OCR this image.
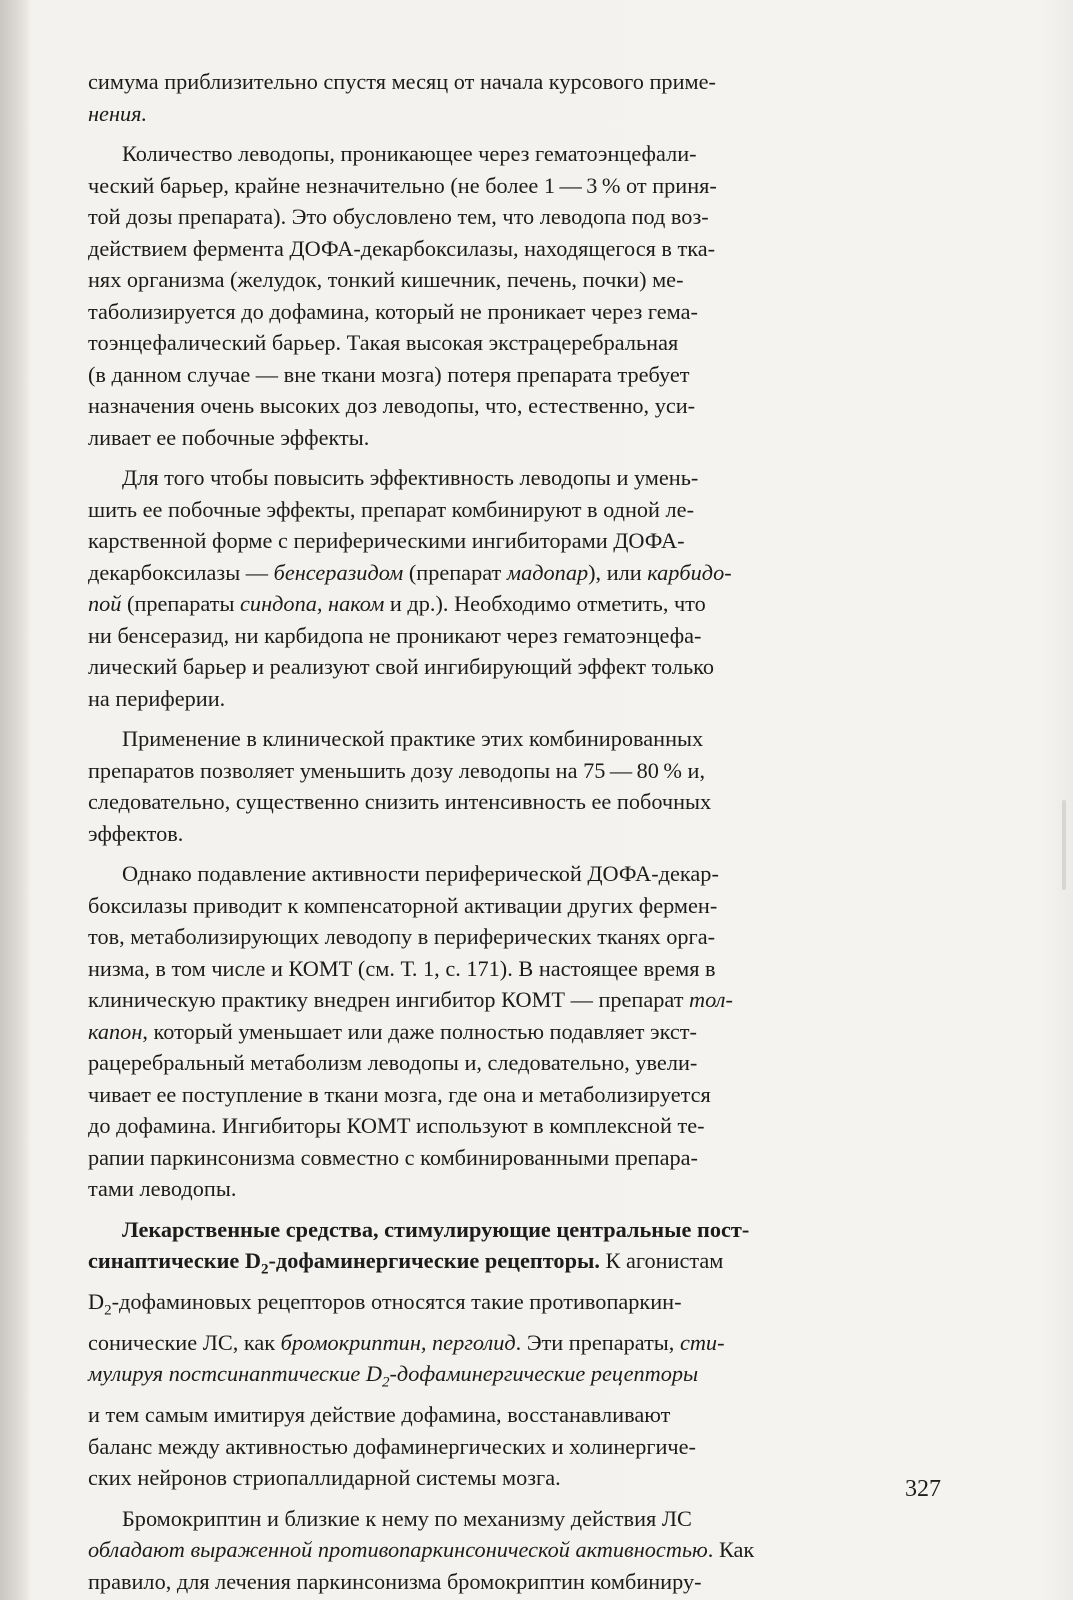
симума приблизительно спустя месяц от начала курсового приме-
нения.

Количество леводопы, проникающее через гематоэнцефали-
ческий барьер, крайне незначительно (не более 1 — 3 % от приня-
той дозы препарата). Это обусловлено тем, что леводопа под воз-
действием фермента ДОФА-декарбоксилазы, находящегося в тка-
нях организма (желудок, тонкий кишечник, печень, почки) ме-
таболизируется до дофамина, который не проникает через гема-
тоэнцефалический барьер. Такая высокая экстрацеребральная
(в данном случае — вне ткани мозга) потеря препарата требует
назначения очень высоких доз леводопы, что, естественно, уси-
ливает ее побочные эффекты.

Для того чтобы повысить эффективность леводопы и умень-
шить ее побочные эффекты, препарат комбинируют в одной ле-
карственной форме с периферическими ингибиторами ДОФА-
декарбоксилазы — бенсеразидом (препарат мадопар), или карбидо-
пой (препараты синдопа, наком и др.). Необходимо отметить, что
ни бенсеразид, ни карбидопа не проникают через гематоэнцефа-
лический барьер и реализуют свой ингибирующий эффект только
на периферии.

Применение в клинической практике этих комбинированных
препаратов позволяет уменьшить дозу леводопы на 75 — 80 % и,
следовательно, существенно снизить интенсивность ее побочных
эффектов.

Однако подавление активности периферической ДОФА-декар-
боксилазы приводит к компенсаторной активации других фермен-
тов, метаболизирующих леводопу в периферических тканях орга-
низма, в том числе и КОМТ (см. Т. 1, с. 171). В настоящее время в
клиническую практику внедрен ингибитор КОМТ — препарат тол-
капон, который уменьшает или даже полностью подавляет экст-
рацеребральный метаболизм леводопы и, следовательно, увели-
чивает ее поступление в ткани мозга, где она и метаболизируется
до дофамина. Ингибиторы КОМТ используют в комплексной те-
рапии паркинсонизма совместно с комбинированными препара-
тами леводопы.

Лекарственные средства, стимулирующие центральные пост-
синаптические $D_2$-дофаминергические рецепторы. К агонистам
$D_2$-дофаминовых рецепторов относятся такие противопаркин-
сонические ЛС, как бромокриптин, перголид. Эти препараты, сти-
мулируя постсинаптические $D_2$-дофаминергические рецепторы
и тем самым имитируя действие дофамина, восстанавливают
баланс между активностью дофаминергических и холинергиче-
ских нейронов стриопаллидарной системы мозга.

Бромокриптин и близкие к нему по механизму действия ЛС
обладают выраженной противопаркинсонической активностью. Как
правило, для лечения паркинсонизма бромокриптин комбиниру-

327
